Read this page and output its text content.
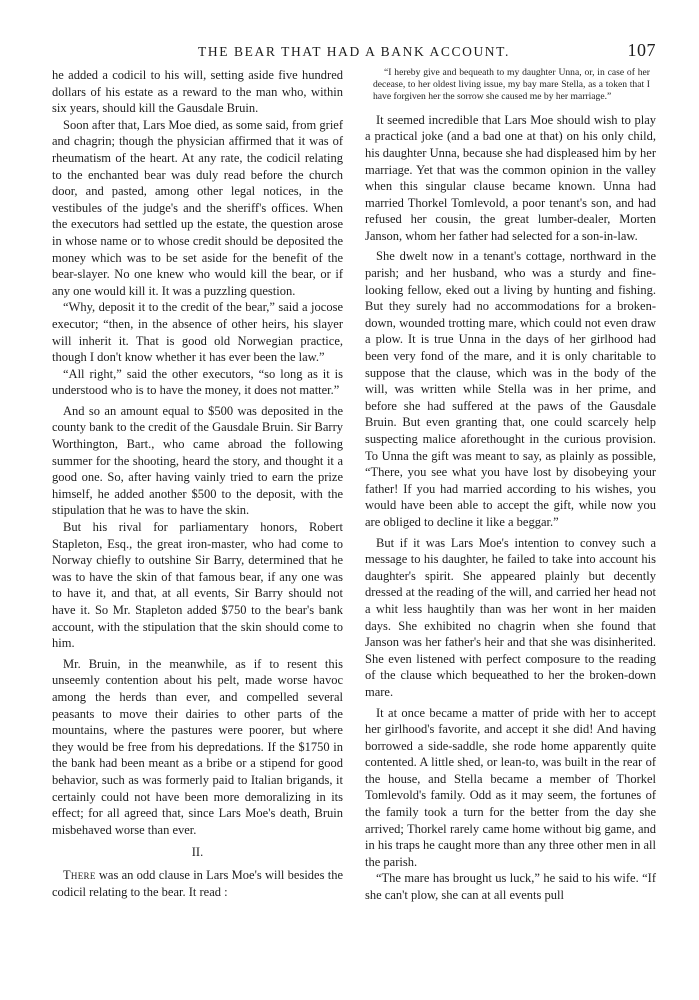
THE BEAR THAT HAD A BANK ACCOUNT.	107

he added a codicil to his will, setting aside five hundred dollars of his estate as a reward to the man who, within six years, should kill the Gausdale Bruin.

Soon after that, Lars Moe died, as some said, from grief and chagrin; though the physician affirmed that it was of rheumatism of the heart. At any rate, the codicil relating to the enchanted bear was duly read before the church door, and pasted, among other legal notices, in the vestibules of the judge's and the sheriff's offices. When the executors had settled up the estate, the question arose in whose name or to whose credit should be deposited the money which was to be set aside for the benefit of the bear-slayer. No one knew who would kill the bear, or if any one would kill it. It was a puzzling question.

“Why, deposit it to the credit of the bear,” said a jocose executor; “then, in the absence of other heirs, his slayer will inherit it. That is good old Norwegian practice, though I don't know whether it has ever been the law.”

“All right,” said the other executors, “so long as it is understood who is to have the money, it does not matter.”

And so an amount equal to $500 was deposited in the county bank to the credit of the Gausdale Bruin. Sir Barry Worthington, Bart., who came abroad the following summer for the shooting, heard the story, and thought it a good one. So, after having vainly tried to earn the prize himself, he added another $500 to the deposit, with the stipulation that he was to have the skin.

But his rival for parliamentary honors, Robert Stapleton, Esq., the great iron-master, who had come to Norway chiefly to outshine Sir Barry, determined that he was to have the skin of that famous bear, if any one was to have it, and that, at all events, Sir Barry should not have it. So Mr. Stapleton added $750 to the bear's bank account, with the stipulation that the skin should come to him.

Mr. Bruin, in the meanwhile, as if to resent this unseemly contention about his pelt, made worse havoc among the herds than ever, and compelled several peasants to move their dairies to other parts of the mountains, where the pastures were poorer, but where they would be free from his depredations. If the $1750 in the bank had been meant as a bribe or a stipend for good behavior, such as was formerly paid to Italian brigands, it certainly could not have been more demoralizing in its effect; for all agreed that, since Lars Moe's death, Bruin misbehaved worse than ever.

II.

There was an odd clause in Lars Moe's will besides the codicil relating to the bear. It read :

“I hereby give and bequeath to my daughter Unna, or, in case of her decease, to her oldest living issue, my bay mare Stella, as a token that I have forgiven her the sorrow she caused me by her marriage.”

It seemed incredible that Lars Moe should wish to play a practical joke (and a bad one at that) on his only child, his daughter Unna, because she had displeased him by her marriage. Yet that was the common opinion in the valley when this singular clause became known. Unna had married Thorkel Tomlevold, a poor tenant's son, and had refused her cousin, the great lumber-dealer, Morten Janson, whom her father had selected for a son-in-law.

She dwelt now in a tenant's cottage, northward in the parish; and her husband, who was a sturdy and fine-looking fellow, eked out a living by hunting and fishing. But they surely had no accommodations for a broken-down, wounded trotting mare, which could not even draw a plow. It is true Unna in the days of her girlhood had been very fond of the mare, and it is only charitable to suppose that the clause, which was in the body of the will, was written while Stella was in her prime, and before she had suffered at the paws of the Gausdale Bruin. But even granting that, one could scarcely help suspecting malice aforethought in the curious provision. To Unna the gift was meant to say, as plainly as possible, “There, you see what you have lost by disobeying your father! If you had married according to his wishes, you would have been able to accept the gift, while now you are obliged to decline it like a beggar.”

But if it was Lars Moe's intention to convey such a message to his daughter, he failed to take into account his daughter's spirit. She appeared plainly but decently dressed at the reading of the will, and carried her head not a whit less haughtily than was her wont in her maiden days. She exhibited no chagrin when she found that Janson was her father's heir and that she was disinherited. She even listened with perfect composure to the reading of the clause which bequeathed to her the broken-down mare.

It at once became a matter of pride with her to accept her girlhood's favorite, and accept it she did! And having borrowed a side-saddle, she rode home apparently quite contented. A little shed, or lean-to, was built in the rear of the house, and Stella became a member of Thorkel Tomlevold's family. Odd as it may seem, the fortunes of the family took a turn for the better from the day she arrived; Thorkel rarely came home without big game, and in his traps he caught more than any three other men in all the parish.

“The mare has brought us luck,” he said to his wife. “If she can't plow, she can at all events pull
